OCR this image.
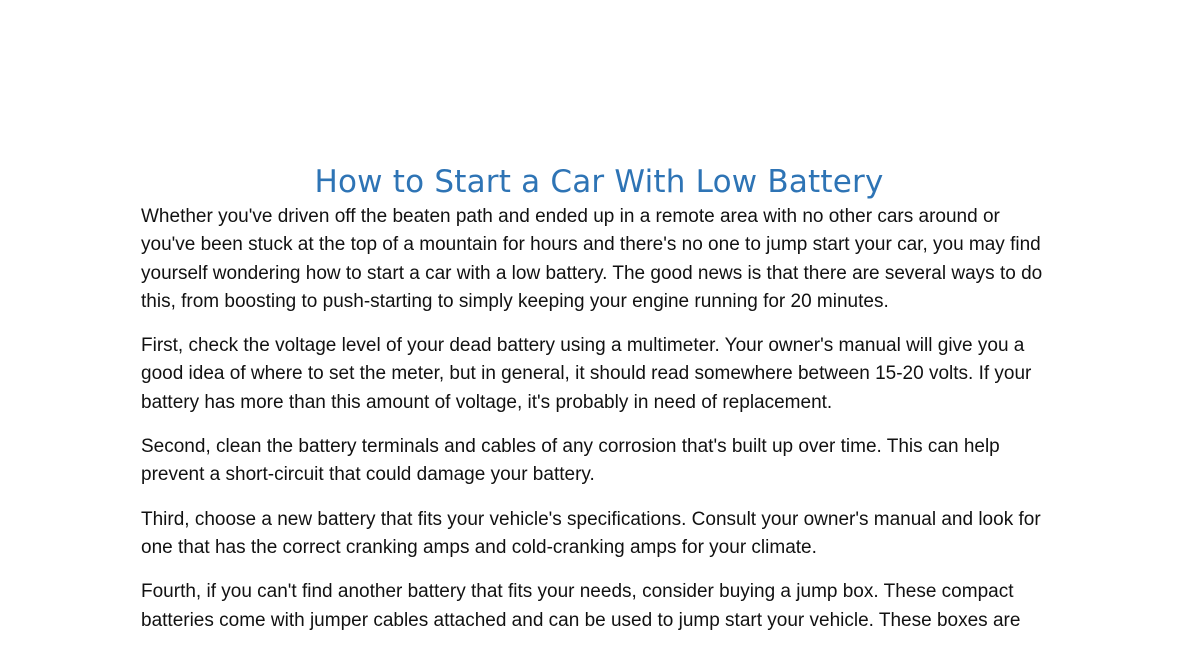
How to Start a Car With Low Battery

Whether you've driven off the beaten path and ended up in a remote area with no other cars around or you've been stuck at the top of a mountain for hours and there's no one to jump start your car, you may find yourself wondering how to start a car with a low battery. The good news is that there are several ways to do this, from boosting to push-starting to simply keeping your engine running for 20 minutes.

First, check the voltage level of your dead battery using a multimeter. Your owner's manual will give you a good idea of where to set the meter, but in general, it should read somewhere between 15-20 volts. If your battery has more than this amount of voltage, it's probably in need of replacement.

Second, clean the battery terminals and cables of any corrosion that's built up over time. This can help prevent a short-circuit that could damage your battery.

Third, choose a new battery that fits your vehicle's specifications. Consult your owner's manual and look for one that has the correct cranking amps and cold-cranking amps for your climate.

Fourth, if you can't find another battery that fits your needs, consider buying a jump box. These compact batteries come with jumper cables attached and can be used to jump start your vehicle. These boxes are
